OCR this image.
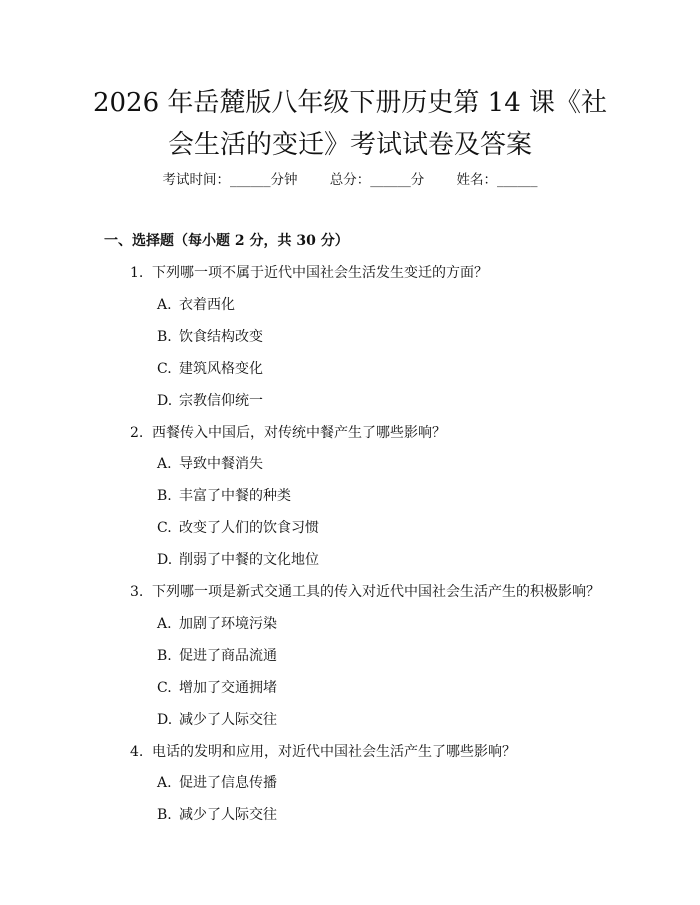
2026 年岳麓版八年级下册历史第 14 课《社
会生活的变迁》考试试卷及答案
考试时间：______分钟 总分：______分 姓名：______
一、选择题（每小题 2 分，共 30 分）
1. 下列哪一项不属于近代中国社会生活发生变迁的方面？
A. 衣着西化
B. 饮食结构改变
C. 建筑风格变化
D. 宗教信仰统一
2. 西餐传入中国后，对传统中餐产生了哪些影响？
A. 导致中餐消失
B. 丰富了中餐的种类
C. 改变了人们的饮食习惯
D. 削弱了中餐的文化地位
3. 下列哪一项是新式交通工具的传入对近代中国社会生活产生的积极影响？
A. 加剧了环境污染
B. 促进了商品流通
C. 增加了交通拥堵
D. 减少了人际交往
4. 电话的发明和应用，对近代中国社会生活产生了哪些影响？
A. 促进了信息传播
B. 减少了人际交往
